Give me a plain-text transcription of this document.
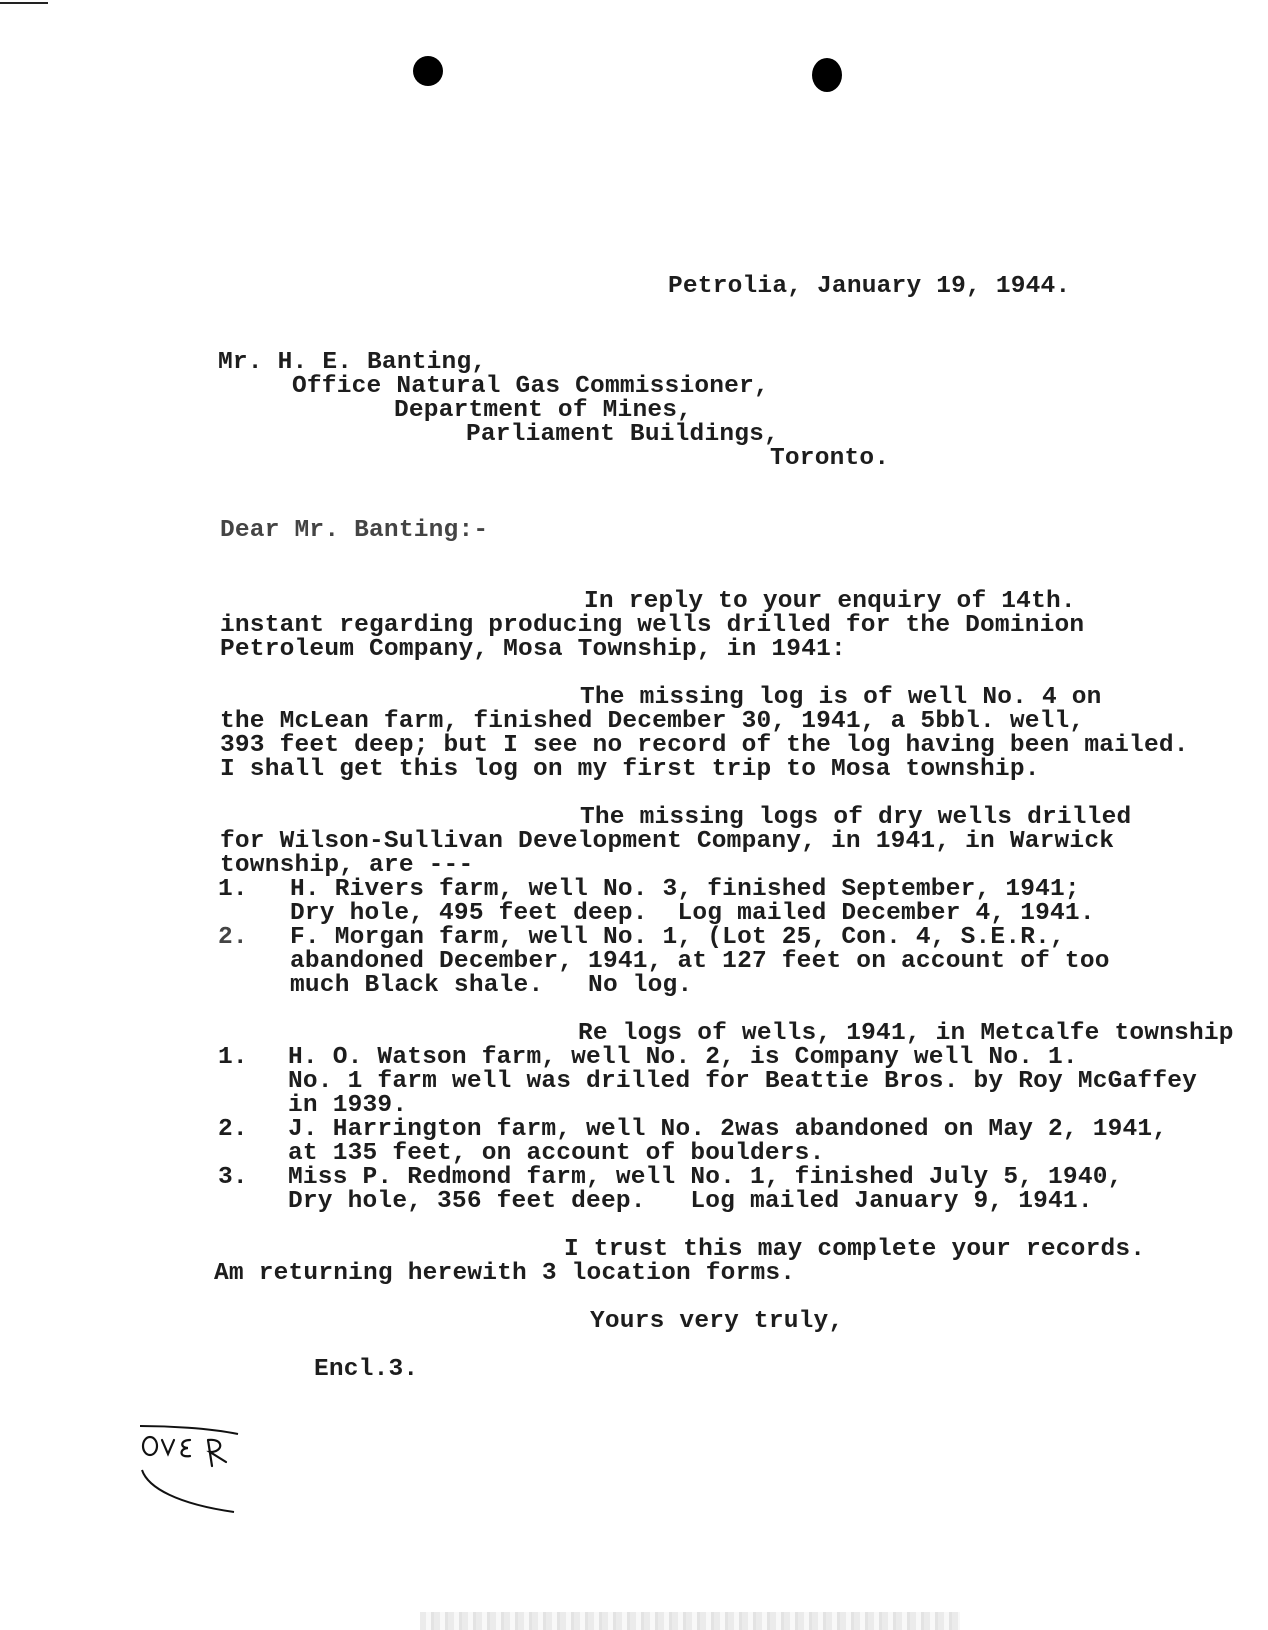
Petrolia, January 19, 1944.
Mr. H. E. Banting,
Office Natural Gas Commissioner,
Department of Mines,
Parliament Buildings,
Toronto.
Dear Mr. Banting:-
In reply to your enquiry of 14th.
instant regarding producing wells drilled for the Dominion
Petroleum Company, Mosa Township, in 1941:
The missing log is of well No. 4 on
the McLean farm, finished December 30, 1941, a 5bbl. well,
393 feet deep; but I see no record of the log having been mailed.
I shall get this log on my first trip to Mosa township.
The missing logs of dry wells drilled
for Wilson-Sullivan Development Company, in 1941, in Warwick
township, are ---
1. H. Rivers farm, well No. 3, finished September, 1941;
Dry hole, 495 feet deep.  Log mailed December 4, 1941.
2. F. Morgan farm, well No. 1, (Lot 25, Con. 4, S.E.R.,
abandoned December, 1941, at 127 feet on account of too
much Black shale.   No log.
Re logs of wells, 1941, in Metcalfe township
1. H. O. Watson farm, well No. 2, is Company well No. 1.
No. 1 farm well was drilled for Beattie Bros. by Roy McGaffey
in 1939.
2. J. Harrington farm, well No. 2was abandoned on May 2, 1941,
at 135 feet, on account of boulders.
3. Miss P. Redmond farm, well No. 1, finished July 5, 1940,
Dry hole, 356 feet deep.   Log mailed January 9, 1941.
I trust this may complete your records.
Am returning herewith 3 location forms.
Yours very truly,
Encl.3.
